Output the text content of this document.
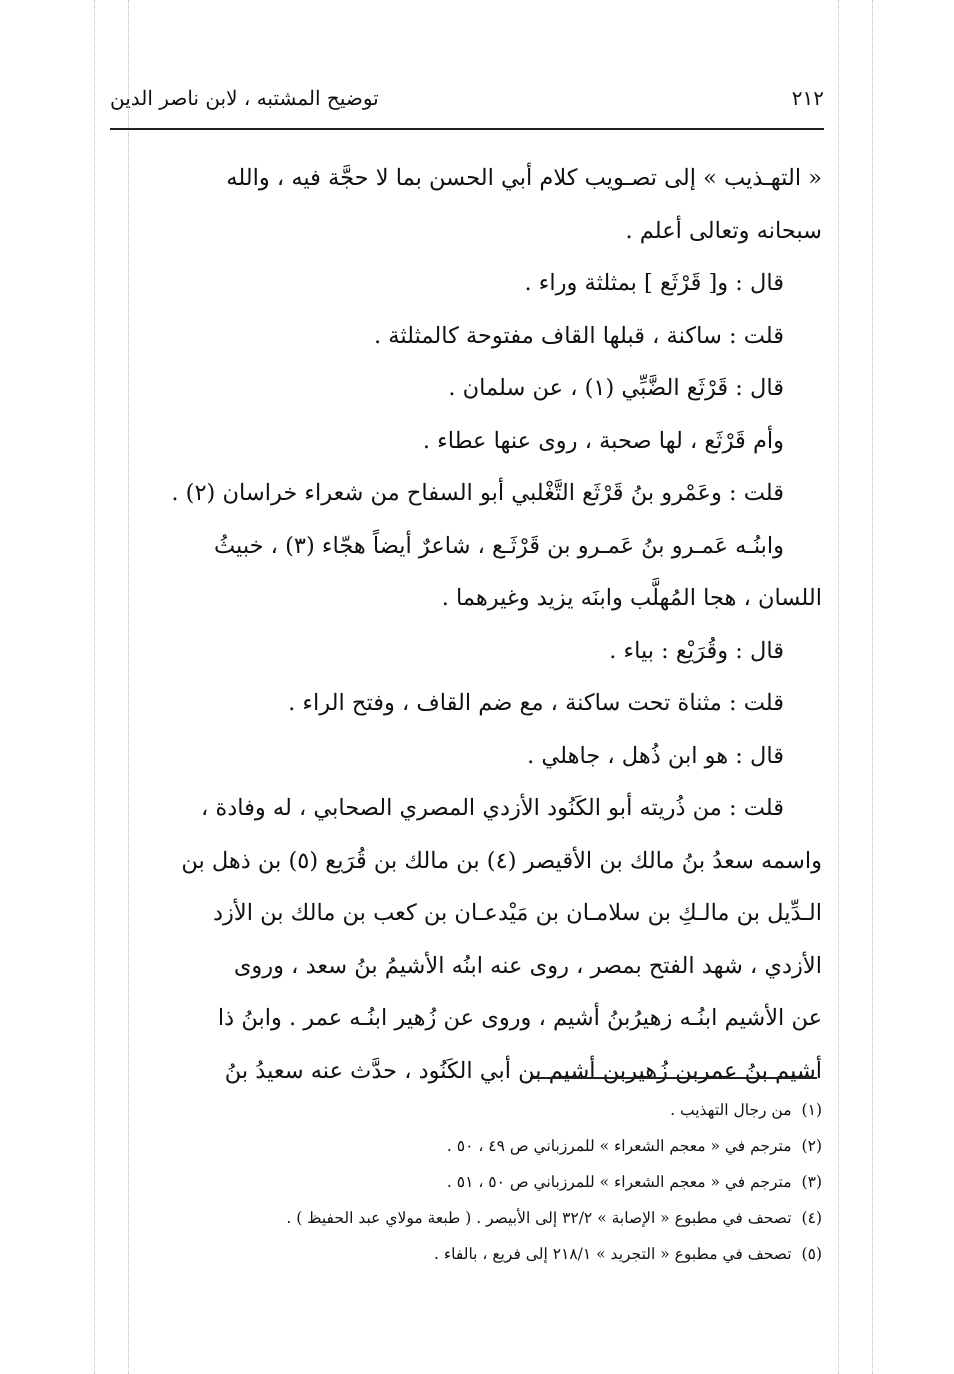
٢١٢
توضيح المشتبه ، لابن ناصر الدين
« التهـذيب » إلى تصـويب كلام أبي الحسن بما لا حجَّة فيه ، والله
سبحانه وتعالى أعلم .
قال : و[ قَرْثَع ] بمثلثة وراء .
قلت : ساكنة ، قبلها القاف مفتوحة كالمثلثة .
قال : قَرْثَع الضَّبِّي (١) ، عن سلمان .
وأم قَرْثَع ، لها صحبة ، روى عنها عطاء .
قلت : وعَمْرو بنُ قَرْثَع التَّغْلبي أبو السفاح من شعراء خراسان (٢) .
وابنُـه عَمـرو بنُ عَمـرو بن قَرْثَـع ، شاعرٌ أيضاً هجّاء (٣) ، خبيثُ
اللسان ، هجا المُهلَّب وابنَه يزيد وغيرهما .
قال : وقُرَيْع : بياء .
قلت : مثناة تحت ساكنة ، مع ضم القاف ، وفتح الراء .
قال : هو ابن ذُهل ، جاهلي .
قلت : من ذُريته أبو الكَنُود الأزدي المصري الصحابي ، له وفادة ،
واسمه سعدُ بنُ مالك بن الأقيصر (٤) بن مالك بن قُرَيع (٥) بن ذهل بن
الـدِّيل بن مالـكِ بن سلامـان بن مَيْدعـان بن كعب بن مالك بن الأزد
الأزدي ، شهد الفتح بمصر ، روى عنه ابنُه الأشيمُ بنُ سعد ، وروى
عن الأشيم ابنُـه زهيرُبنُ أشيم ، وروى عن زُهير ابنُـه عمر . وابنُ ذا
أشيم بنُ عمربن زُهيربن أشيم بن أبي الكَنُود ، حدَّث عنه سعيدُ بنُ
(١)من رجال التهذيب .
(٢)مترجم في « معجم الشعراء » للمرزباني ص ٤٩ ، ٥٠ .
(٣)مترجم في « معجم الشعراء » للمرزباني ص ٥٠ ، ٥١ .
(٤)تصحف في مطبوع « الإصابة » ٣٢/٢ إلى الأبيصر . ( طبعة مولاي عبد الحفيظ ) .
(٥)تصحف في مطبوع « التجريد » ٢١٨/١ إلى فريع ، بالفاء .
